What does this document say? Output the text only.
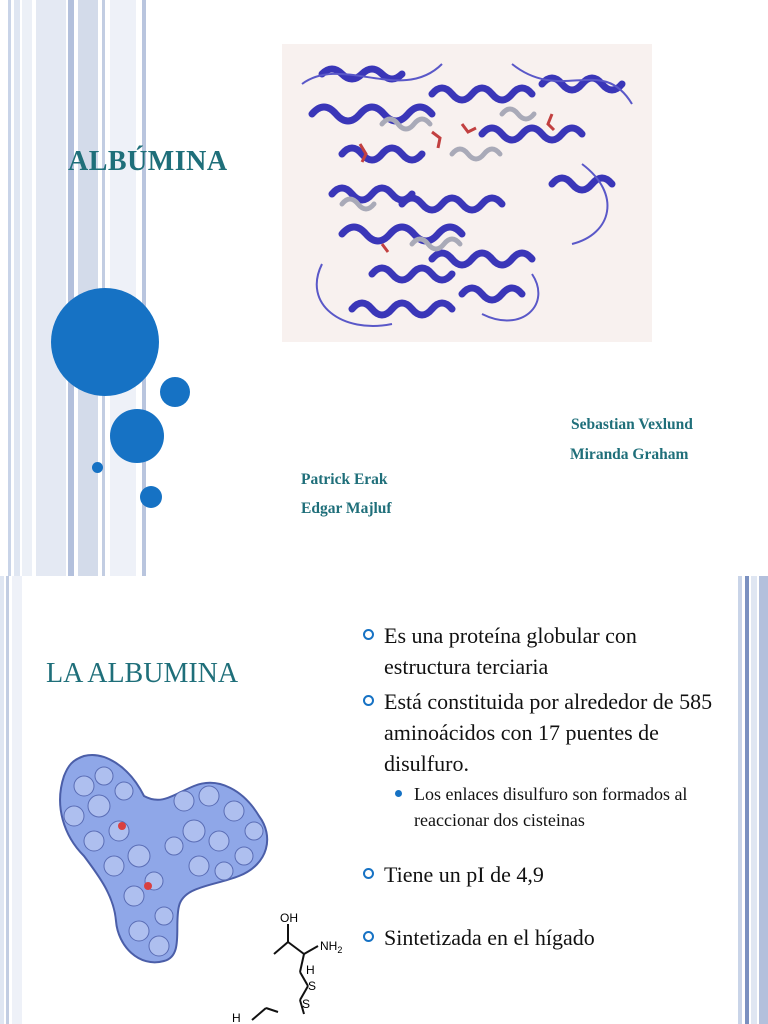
ALBÚMINA
Sebastian Vexlund
Miranda Graham
Patrick Erak
Edgar Majluf
LA ALBUMINA
OH
$NH_2$
H
S
S
H
Es una proteína globular con estructura terciaria
Está constituida por alrededor de 585 aminoácidos con 17 puentes de disulfuro.
Los enlaces disulfuro son formados al reaccionar dos cisteinas
Tiene un pI de 4,9
Sintetizada en el hígado
